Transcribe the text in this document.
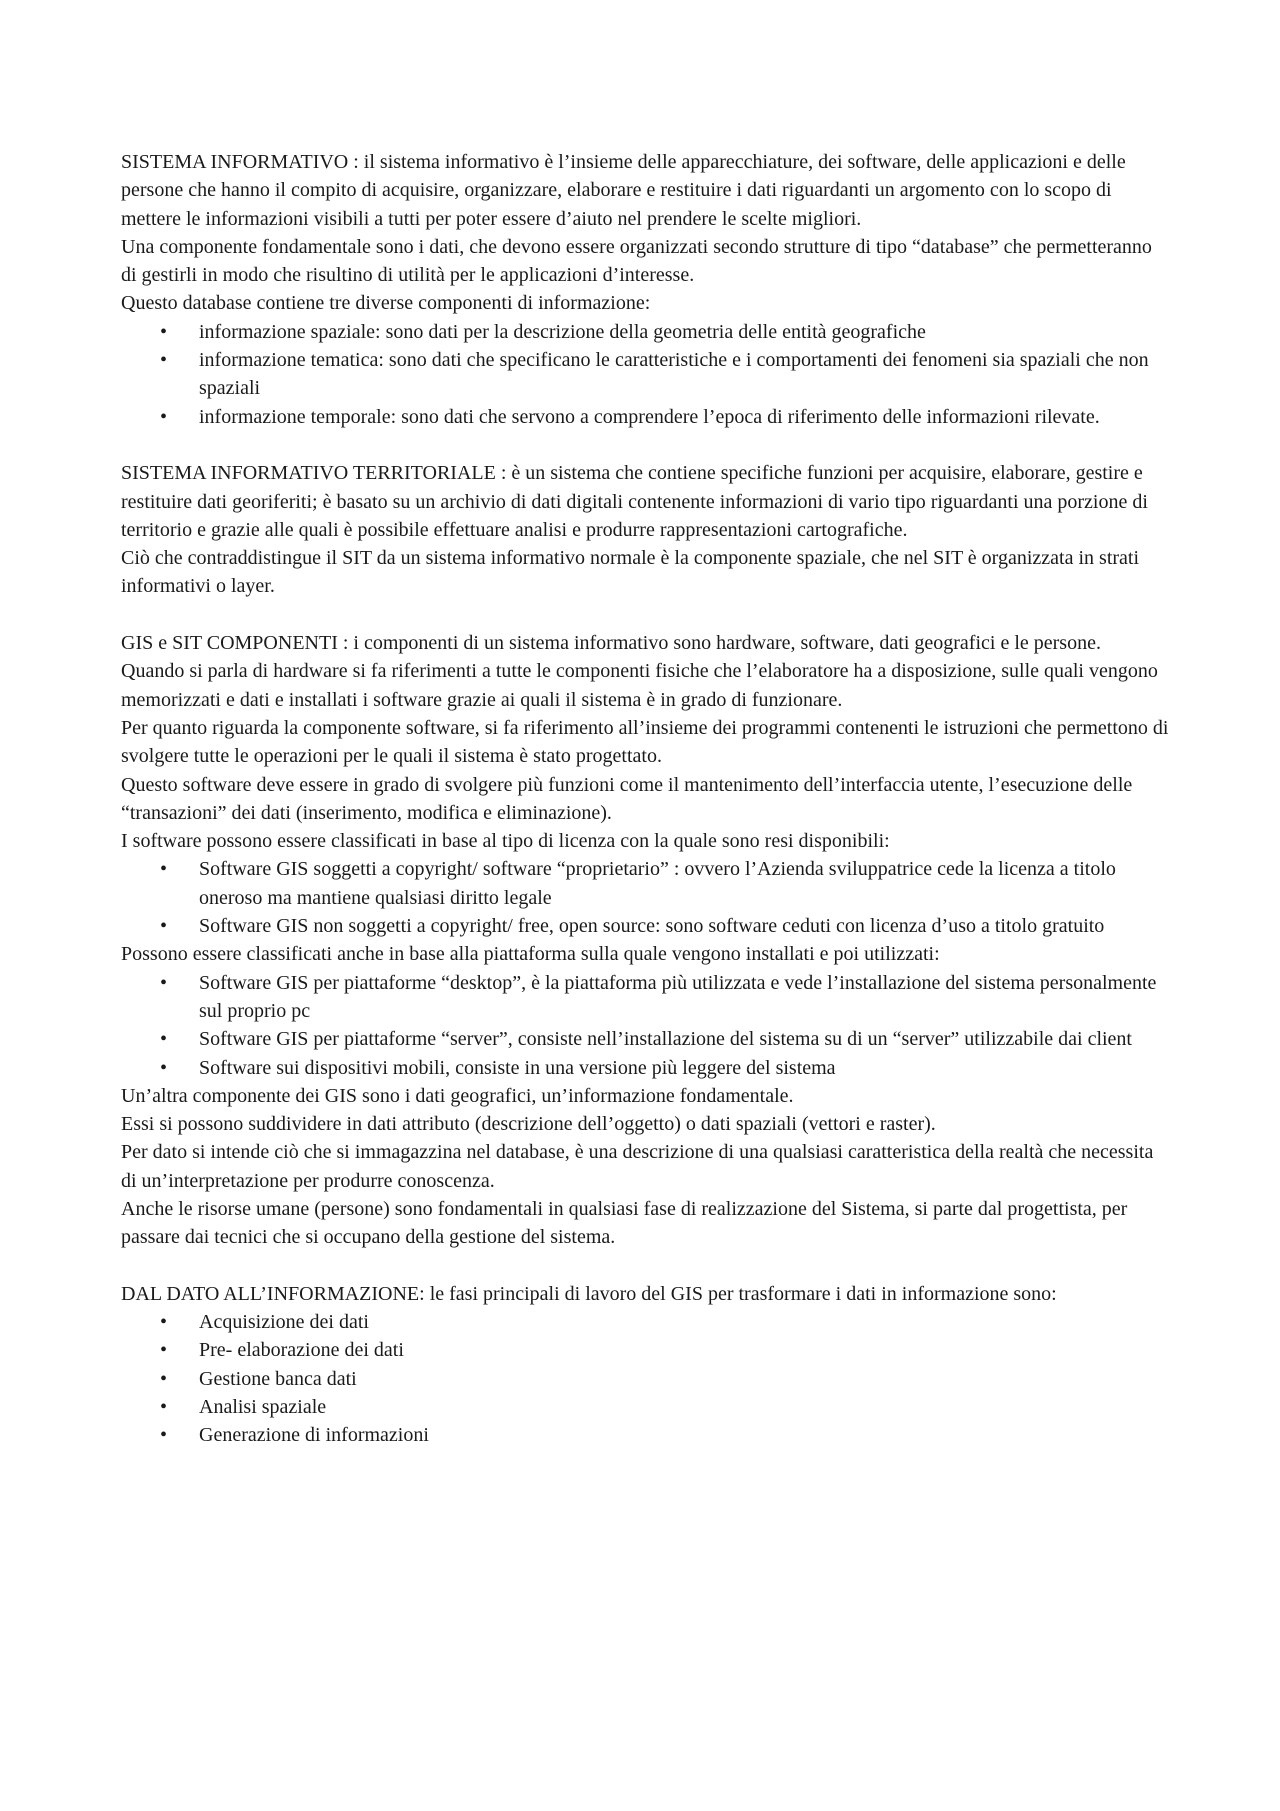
SISTEMA INFORMATIVO : il sistema informativo è l’insieme delle apparecchiature, dei software, delle applicazioni e delle persone che hanno il compito di acquisire, organizzare, elaborare e restituire i dati riguardanti un argomento con lo scopo di mettere le informazioni visibili a tutti per poter essere d’aiuto nel prendere le scelte migliori.

Una componente fondamentale sono i dati, che devono essere organizzati secondo strutture di tipo “database” che permetteranno di gestirli in modo che risultino di utilità per le applicazioni d’interesse.

Questo database contiene tre diverse componenti di informazione:

• informazione spaziale: sono dati per la descrizione della geometria delle entità geografiche
• informazione tematica: sono dati che specificano le caratteristiche e i comportamenti dei fenomeni sia spaziali che non spaziali
• informazione temporale: sono dati che servono a comprendere l’epoca di riferimento delle informazioni rilevate.

SISTEMA INFORMATIVO TERRITORIALE : è un sistema che contiene specifiche funzioni per acquisire, elaborare, gestire e restituire dati georiferiti; è basato su un archivio di dati digitali contenente informazioni di vario tipo riguardanti una porzione di territorio e grazie alle quali è possibile effettuare analisi e produrre rappresentazioni cartografiche.

Ciò che contraddistingue il SIT da un sistema informativo normale è la componente spaziale, che nel SIT è organizzata in strati informativi o layer.

GIS e SIT COMPONENTI : i componenti di un sistema informativo sono hardware, software, dati geografici e le persone.

Quando si parla di hardware si fa riferimenti a tutte le componenti fisiche che l’elaboratore ha a disposizione, sulle quali vengono memorizzati e dati e installati i software grazie ai quali il sistema è in grado di funzionare.

Per quanto riguarda la componente software, si fa riferimento all’insieme dei programmi contenenti le istruzioni che permettono di svolgere tutte le operazioni per le quali il sistema è stato progettato.

Questo software deve essere in grado di svolgere più funzioni come il mantenimento dell’interfaccia utente, l’esecuzione delle “transazioni” dei dati (inserimento, modifica e eliminazione).

I software possono essere classificati in base al tipo di licenza con la quale sono resi disponibili:

• Software GIS soggetti a copyright/ software “proprietario” : ovvero l’Azienda sviluppatrice cede la licenza a titolo oneroso ma mantiene qualsiasi diritto legale
• Software GIS non soggetti a copyright/ free, open source: sono software ceduti con licenza d’uso a titolo gratuito

Possono essere classificati anche in base alla piattaforma sulla quale vengono installati e poi utilizzati:

• Software GIS per piattaforme “desktop”, è la piattaforma più utilizzata e vede l’installazione del sistema personalmente sul proprio pc
• Software GIS per piattaforme “server”, consiste nell’installazione del sistema su di un “server” utilizzabile dai client
• Software sui dispositivi mobili, consiste in una versione più leggere del sistema

Un’altra componente dei GIS sono i dati geografici, un’informazione fondamentale.

Essi si possono suddividere in dati attributo (descrizione dell’oggetto) o dati spaziali (vettori e raster).

Per dato si intende ciò che si immagazzina nel database, è una descrizione di una qualsiasi caratteristica della realtà che necessita di un’interpretazione per produrre conoscenza.

Anche le risorse umane (persone) sono fondamentali in qualsiasi fase di realizzazione del Sistema, si parte dal progettista, per passare dai tecnici che si occupano della gestione del sistema.

DAL DATO ALL’INFORMAZIONE: le fasi principali di lavoro del GIS per trasformare i dati in informazione sono:

• Acquisizione dei dati
• Pre- elaborazione dei dati
• Gestione banca dati
• Analisi spaziale
• Generazione di informazioni
